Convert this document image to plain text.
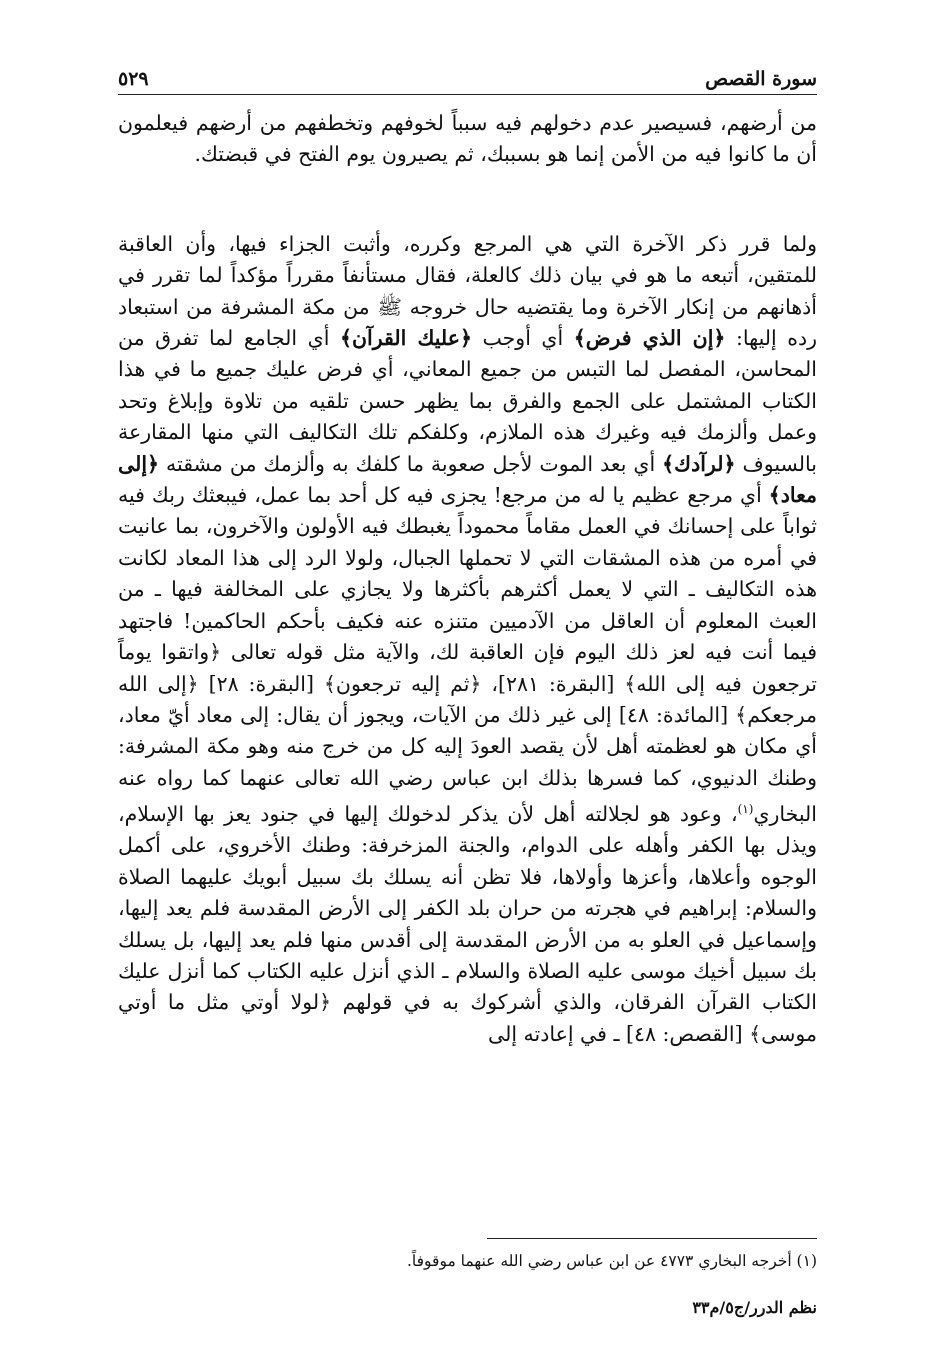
سورة القصص
٥٢٩

من أرضهم، فسيصير عدم دخولهم فيه سبباً لخوفهم وتخطفهم من أرضهم فيعلمون أن ما كانوا فيه من الأمن إنما هو بسببك، ثم يصيرون يوم الفتح في قبضتك.

ولما قرر ذكر الآخرة التي هي المرجع وكرره، وأثبت الجزاء فيها، وأن العاقبة للمتقين، أتبعه ما هو في بيان ذلك كالعلة، فقال مستأنفاً مقرراً مؤكداً لما تقرر في أذهانهم من إنكار الآخرة وما يقتضيه حال خروجه ﷺ من مكة المشرفة من استبعاد رده إليها: ﴿إن الذي فرض﴾ أي أوجب ﴿عليك القرآن﴾ أي الجامع لما تفرق من المحاسن، المفصل لما التبس من جميع المعاني، أي فرض عليك جميع ما في هذا الكتاب المشتمل على الجمع والفرق بما يظهر حسن تلقيه من تلاوة وإبلاغ وتحد وعمل وألزمك فيه وغيرك هذه الملازم، وكلفكم تلك التكاليف التي منها المقارعة بالسيوف ﴿لرآدك﴾ أي بعد الموت لأجل صعوبة ما كلفك به وألزمك من مشقته ﴿إلى معاد﴾ أي مرجع عظيم يا له من مرجع! يجزى فيه كل أحد بما عمل، فيبعثك ربك فيه ثواباً على إحسانك في العمل مقاماً محموداً يغبطك فيه الأولون والآخرون، بما عانيت في أمره من هذه المشقات التي لا تحملها الجبال، ولولا الرد إلى هذا المعاد لكانت هذه التكاليف ـ التي لا يعمل أكثرهم بأكثرها ولا يجازي على المخالفة فيها ـ من العبث المعلوم أن العاقل من الآدميين متنزه عنه فكيف بأحكم الحاكمين! فاجتهد فيما أنت فيه لعز ذلك اليوم فإن العاقبة لك، والآية مثل قوله تعالى ﴿واتقوا يوماً ترجعون فيه إلى الله﴾ [البقرة: ٢٨١]، ﴿ثم إليه ترجعون﴾ [البقرة: ٢٨] ﴿إلى الله مرجعكم﴾ [المائدة: ٤٨] إلى غير ذلك من الآيات، ويجوز أن يقال: إلى معاد أيّ معاد، أي مكان هو لعظمته أهل لأن يقصد العودَ إليه كل من خرج منه وهو مكة المشرفة: وطنك الدنيوي، كما فسرها بذلك ابن عباس رضي الله تعالى عنهما كما رواه عنه البخاري$^{(١)}$، وعود هو لجلالته أهل لأن يذكر لدخولك إليها في جنود يعز بها الإسلام، ويذل بها الكفر وأهله على الدوام، والجنة المزخرفة: وطنك الأخروي، على أكمل الوجوه وأعلاها، وأعزها وأولاها، فلا تظن أنه يسلك بك سبيل أبويك عليهما الصلاة والسلام: إبراهيم في هجرته من حران بلد الكفر إلى الأرض المقدسة فلم يعد إليها، وإسماعيل في العلو به من الأرض المقدسة إلى أقدس منها فلم يعد إليها، بل يسلك بك سبيل أخيك موسى عليه الصلاة والسلام ـ الذي أنزل عليه الكتاب كما أنزل عليك الكتاب القرآن الفرقان، والذي أشركوك به في قولهم ﴿لولا أوتي مثل ما أوتي موسى﴾ [القصص: ٤٨] ـ في إعادته إلى

(١) أخرجه البخاري ٤٧٧٣ عن ابن عباس رضي الله عنهما موقوفاً.
نظم الدرر/ج٥/م٣٣
